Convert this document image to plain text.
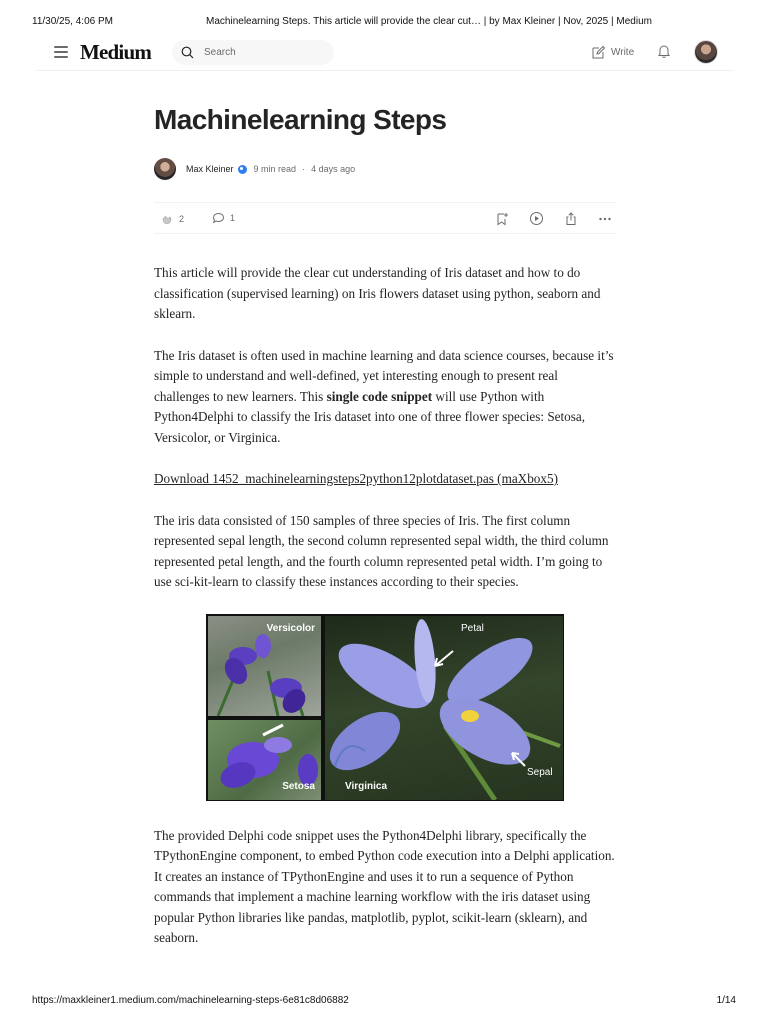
11/30/25, 4:06 PM	Machinelearning Steps. This article will provide the clear cut… | by Max Kleiner | Nov, 2025 | Medium
Medium
Search	Write
Machinelearning Steps
Max Kleiner 9 min read · 4 days ago
2	1

This article will provide the clear cut understanding of Iris dataset and how to do classification (supervised learning) on Iris flowers dataset using python, seaborn and sklearn.

The Iris dataset is often used in machine learning and data science courses, because it’s simple to understand and well-defined, yet interesting enough to present real challenges to new learners. This single code snippet will use Python with Python4Delphi to classify the Iris dataset into one of three flower species: Setosa, Versicolor, or Virginica.

Download 1452_machinelearningsteps2python12plotdataset.pas (maXbox5)

The iris data consisted of 150 samples of three species of Iris. The first column represented sepal length, the second column represented sepal width, the third column represented petal length, and the fourth column represented petal width. I’m going to use sci-kit-learn to classify these instances according to their species.

Versicolor
Setosa
Petal
Sepal
Virginica

The provided Delphi code snippet uses the Python4Delphi library, specifically the TPythonEngine component, to embed Python code execution into a Delphi application. It creates an instance of TPythonEngine and uses it to run a sequence of Python commands that implement a machine learning workflow with the iris dataset using popular Python libraries like pandas, matplotlib, pyplot, scikit-learn (sklearn), and seaborn.

https://maxkleiner1.medium.com/machinelearning-steps-6e81c8d06882	1/14
